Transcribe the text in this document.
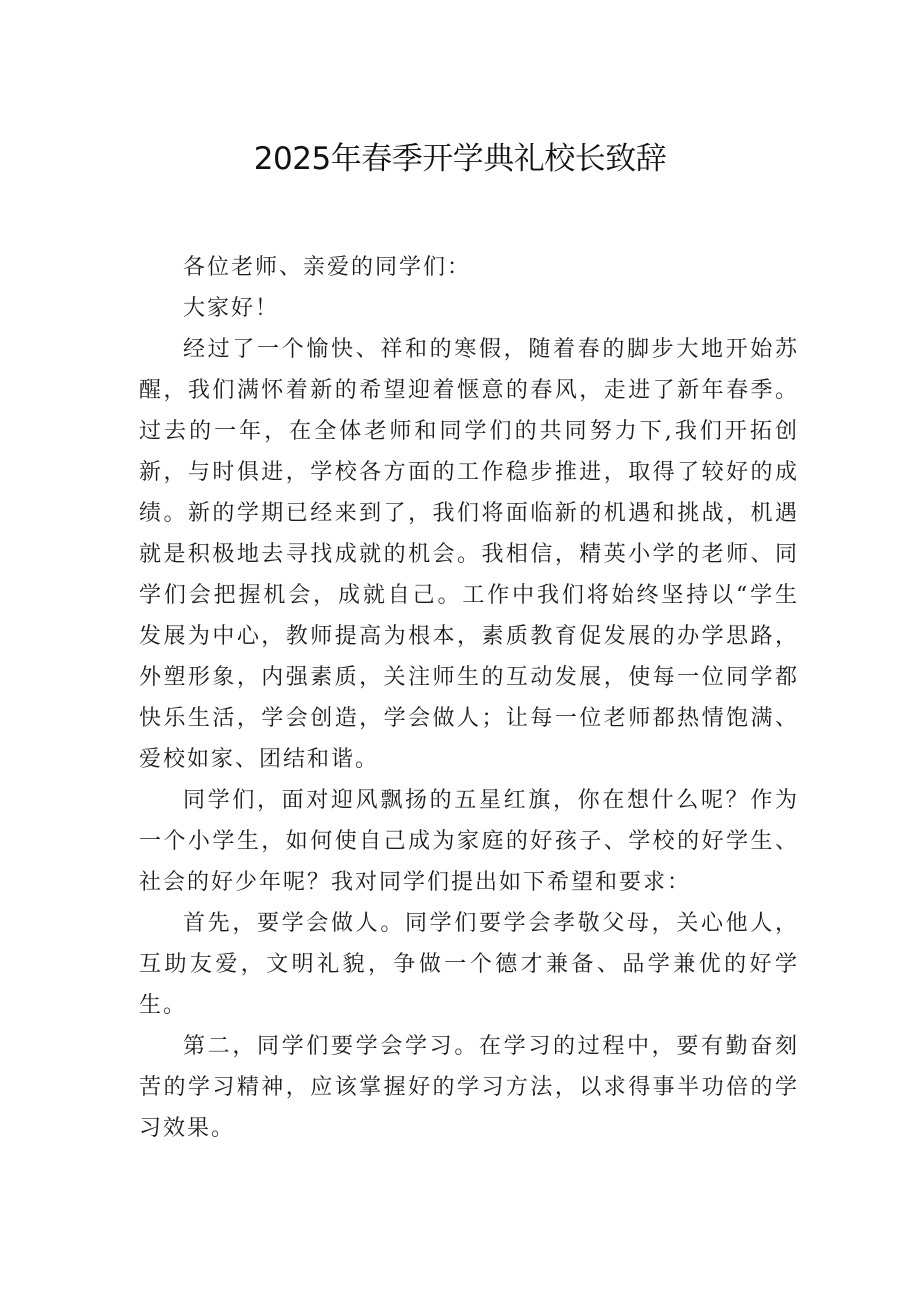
2025年春季开学典礼校长致辞

各位老师、亲爱的同学们：

大家好！

经过了一个愉快、祥和的寒假，随着春的脚步大地开始苏醒，我们满怀着新的希望迎着惬意的春风，走进了新年春季。过去的一年，在全体老师和同学们的共同努力下,我们开拓创新，与时俱进，学校各方面的工作稳步推进，取得了较好的成绩。新的学期已经来到了，我们将面临新的机遇和挑战，机遇就是积极地去寻找成就的机会。我相信，精英小学的老师、同学们会把握机会，成就自己。工作中我们将始终坚持以“学生发展为中心，教师提高为根本，素质教育促发展的办学思路，外塑形象，内强素质，关注师生的互动发展，使每一位同学都快乐生活，学会创造，学会做人；让每一位老师都热情饱满、爱校如家、团结和谐。

同学们，面对迎风飘扬的五星红旗，你在想什么呢？作为一个小学生，如何使自己成为家庭的好孩子、学校的好学生、社会的好少年呢？我对同学们提出如下希望和要求：

首先，要学会做人。同学们要学会孝敬父母，关心他人，互助友爱，文明礼貌，争做一个德才兼备、品学兼优的好学生。

第二，同学们要学会学习。在学习的过程中，要有勤奋刻苦的学习精神，应该掌握好的学习方法，以求得事半功倍的学习效果。
